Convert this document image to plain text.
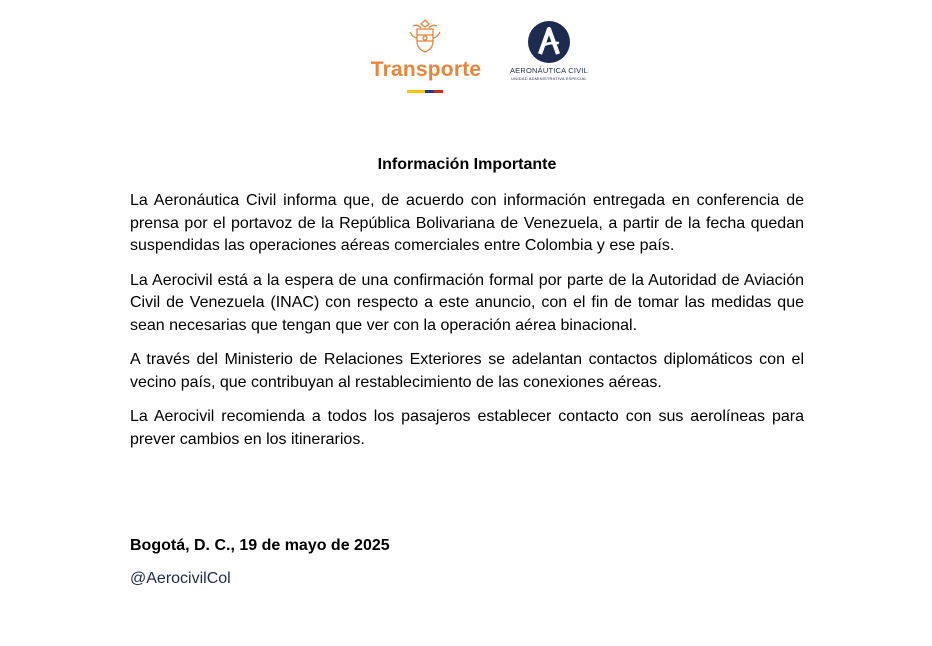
Transporte	AERONÁUTICA CIVIL
UNIDAD ADMINISTRATIVA ESPECIAL
Información Importante

La Aeronáutica Civil informa que, de acuerdo con información entregada en conferencia de prensa por el portavoz de la República Bolivariana de Venezuela, a partir de la fecha quedan suspendidas las operaciones aéreas comerciales entre Colombia y ese país.

La Aerocivil está a la espera de una confirmación formal por parte de la Autoridad de Aviación Civil de Venezuela (INAC) con respecto a este anuncio, con el fin de tomar las medidas que sean necesarias que tengan que ver con la operación aérea binacional.

A través del Ministerio de Relaciones Exteriores se adelantan contactos diplomáticos con el vecino país, que contribuyan al restablecimiento de las conexiones aéreas.

La Aerocivil recomienda a todos los pasajeros establecer contacto con sus aerolíneas para prever cambios en los itinerarios.

Bogotá, D. C., 19 de mayo de 2025
@AerocivilCol
